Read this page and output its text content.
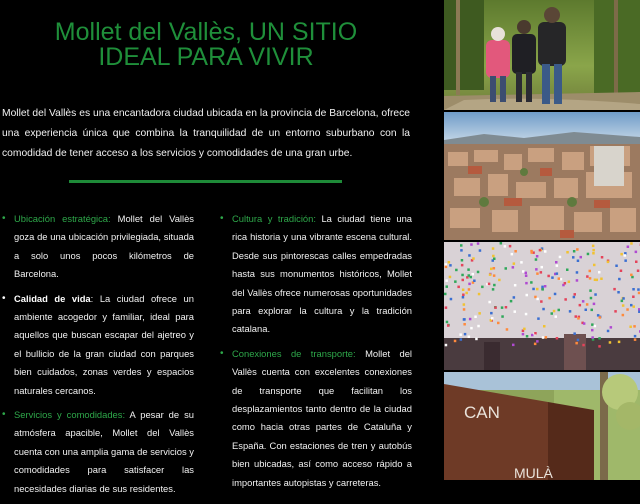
Mollet del Vallès, UN SITIO
IDEAL PARA VIVIR

Mollet del Vallès es una encantadora ciudad ubicada en la provincia de Barcelona, ofrece una experiencia única que combina la tranquilidad de un entorno suburbano con la comodidad de tener acceso a los servicios y comodidades de una gran urbe.

• Ubicación estratégica: Mollet del Vallès goza de una ubicación privilegiada, situada a solo unos pocos kilómetros de Barcelona.
• Calidad de vida: La ciudad ofrece un ambiente acogedor y familiar, ideal para aquellos que buscan escapar del ajetreo y el bullicio de la gran ciudad con parques bien cuidados, zonas verdes y espacios naturales cercanos.
• Servicios y comodidades: A pesar de su atmósfera apacible, Mollet del Vallès cuenta con una amplia gama de servicios y comodidades para satisfacer las necesidades diarias de sus residentes.
• Cultura y tradición: La ciudad tiene una rica historia y una vibrante escena cultural. Desde sus pintorescas calles empedradas hasta sus monumentos históricos, Mollet del Vallès ofrece numerosas oportunidades para explorar la cultura y la tradición catalana.
• Conexiones de transporte: Mollet del Vallès cuenta con excelentes conexiones de transporte que facilitan los desplazamientos tanto dentro de la ciudad como hacia otras partes de Cataluña y España. Con estaciones de tren y autobús bien ubicadas, así como acceso rápido a importantes autopistas y carreteras.
CAN
MULÀ
